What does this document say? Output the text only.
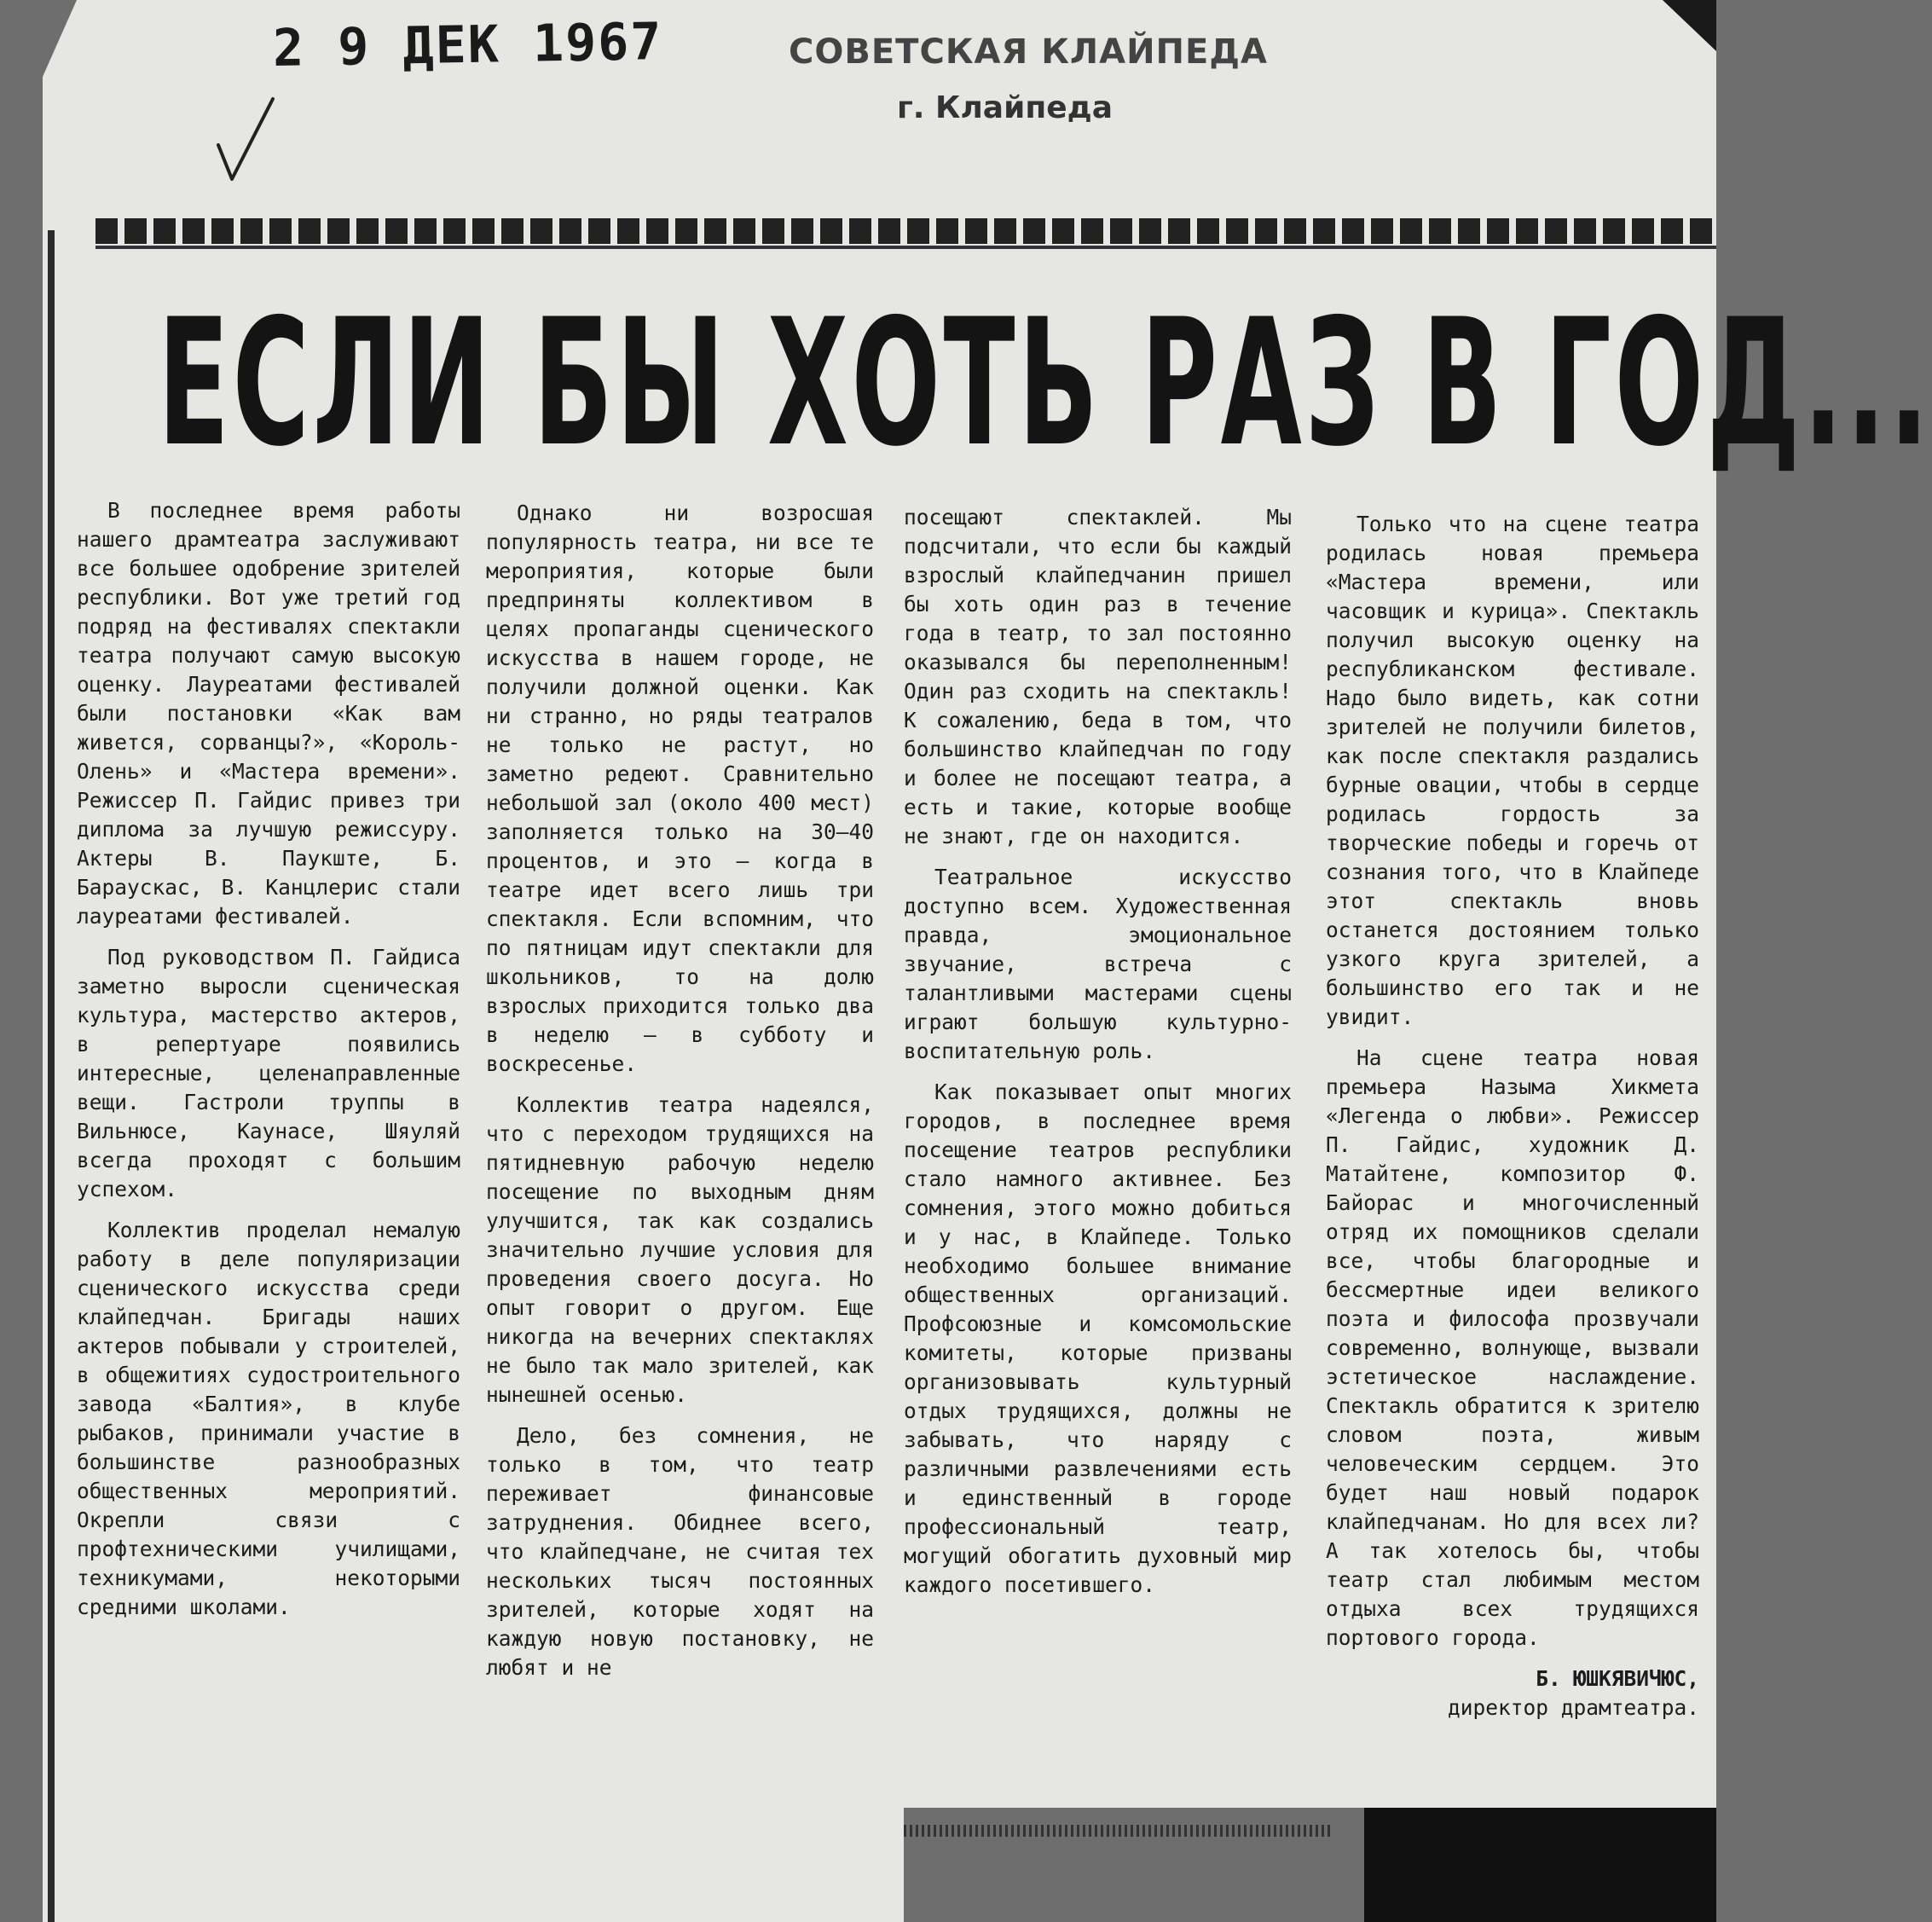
2 9 ДЕК 1967	СОВЕТСКАЯ КЛАЙПЕДА
г. Клайпеда
ЕСЛИ БЫ ХОТЬ РАЗ В ГОД...

В последнее время работы нашего драмтеатра заслуживают все большее одобрение зрителей республики. Вот уже третий год подряд на фестивалях спектакли театра получают самую высокую оценку. Лауреатами фестивалей были постановки «Как вам живется, сорванцы?», «Король-Олень» и «Мастера времени». Режиссер П. Гайдис привез три диплома за лучшую режиссуру. Актеры В. Паукште, Б. Бараускас, В. Канцлерис стали лауреатами фестивалей.

Под руководством П. Гайдиса заметно выросли сценическая культура, мастерство актеров, в репертуаре появились интересные, целенаправленные вещи. Гастроли труппы в Вильнюсе, Каунасе, Шяуляй всегда проходят с большим успехом.

Коллектив проделал немалую работу в деле популяризации сценического искусства среди клайпедчан. Бригады наших актеров побывали у строителей, в общежитиях судостроительного завода «Балтия», в клубе рыбаков, принимали участие в большинстве разнообразных общественных мероприятий. Окрепли связи с профтехническими училищами, техникумами, некоторыми средними школами.

Однако ни возросшая популярность театра, ни все те мероприятия, которые были предприняты коллективом в целях пропаганды сценического искусства в нашем городе, не получили должной оценки. Как ни странно, но ряды театралов не только не растут, но заметно редеют. Сравнительно небольшой зал (около 400 мест) заполняется только на 30—40 процентов, и это — когда в театре идет всего лишь три спектакля. Если вспомним, что по пятницам идут спектакли для школьников, то на долю взрослых приходится только два в неделю — в субботу и воскресенье.

Коллектив театра надеялся, что с переходом трудящихся на пятидневную рабочую неделю посещение по выходным дням улучшится, так как создались значительно лучшие условия для проведения своего досуга. Но опыт говорит о другом. Еще никогда на вечерних спектаклях не было так мало зрителей, как нынешней осенью.

Дело, без сомнения, не только в том, что театр переживает финансовые затруднения. Обиднее всего, что клайпедчане, не считая тех нескольких тысяч постоянных зрителей, которые ходят на каждую новую постановку, не любят и не

посещают спектаклей. Мы подсчитали, что если бы каждый взрослый клайпедчанин пришел бы хоть один раз в течение года в театр, то зал постоянно оказывался бы переполненным! Один раз сходить на спектакль! К сожалению, беда в том, что большинство клайпедчан по году и более не посещают театра, а есть и такие, которые вообще не знают, где он находится.

Театральное искусство доступно всем. Художественная правда, эмоциональное звучание, встреча с талантливыми мастерами сцены играют большую культурно-воспитательную роль.

Как показывает опыт многих городов, в последнее время посещение театров республики стало намного активнее. Без сомнения, этого можно добиться и у нас, в Клайпеде. Только необходимо большее внимание общественных организаций. Профсоюзные и комсомольские комитеты, которые призваны организовывать культурный отдых трудящихся, должны не забывать, что наряду с различными развлечениями есть и единственный в городе профессиональный театр, могущий обогатить духовный мир каждого посетившего.

Только что на сцене театра родилась новая премьера «Мастера времени, или часовщик и курица». Спектакль получил высокую оценку на республиканском фестивале. Надо было видеть, как сотни зрителей не получили билетов, как после спектакля раздались бурные овации, чтобы в сердце родилась гордость за творческие победы и горечь от сознания того, что в Клайпеде этот спектакль вновь останется достоянием только узкого круга зрителей, а большинство его так и не увидит.

На сцене театра новая премьера Назыма Хикмета «Легенда о любви». Режиссер П. Гайдис, художник Д. Матайтене, композитор Ф. Байорас и многочисленный отряд их помощников сделали все, чтобы благородные и бессмертные идеи великого поэта и философа прозвучали современно, волнующе, вызвали эстетическое наслаждение. Спектакль обратится к зрителю словом поэта, живым человеческим сердцем. Это будет наш новый подарок клайпедчанам. Но для всех ли? А так хотелось бы, чтобы театр стал любимым местом отдыха всех трудящихся портового города.

Б. ЮШКЯВИЧЮС,
директор драмтеатра.
